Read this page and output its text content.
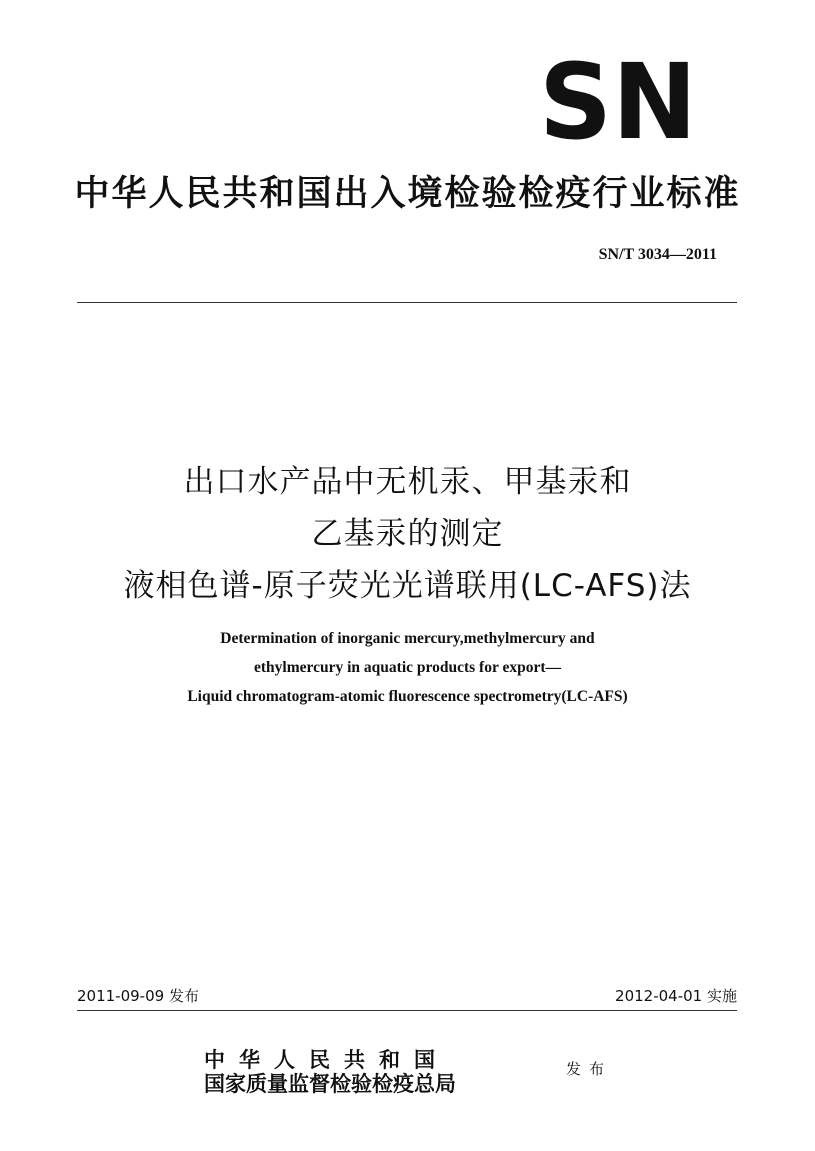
SN
中华人民共和国出入境检验检疫行业标准
SN/T 3034—2011
出口水产品中无机汞、甲基汞和
乙基汞的测定
液相色谱-原子荧光光谱联用(LC-AFS)法
Determination of inorganic mercury,methylmercury and
ethylmercury in aquatic products for export—
Liquid chromatogram-atomic fluorescence spectrometry(LC-AFS)
2011-09-09 发布	2012-04-01 实施
中华人民共和国
国家质量监督检验检疫总局
发布
